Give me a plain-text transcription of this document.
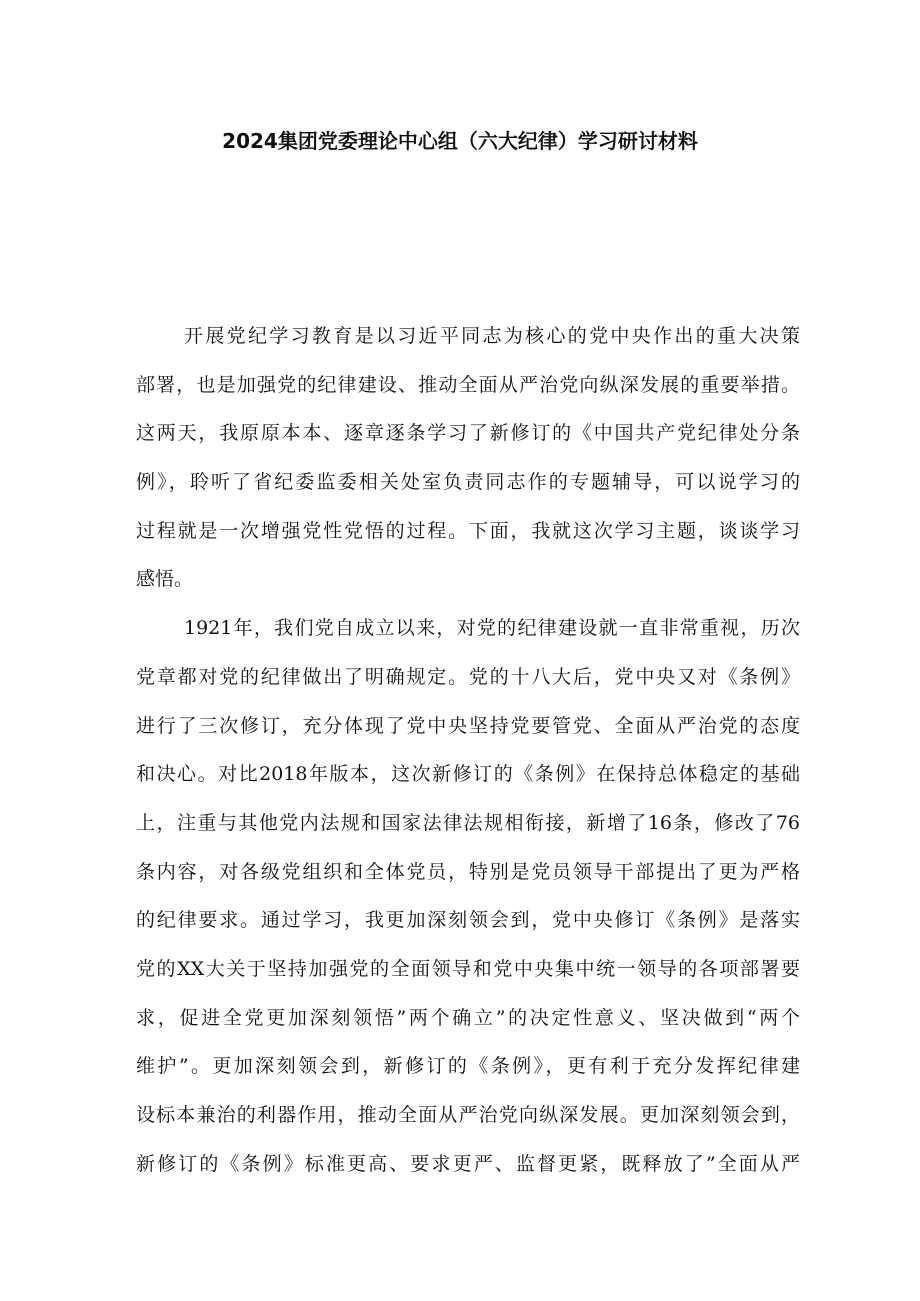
2024集团党委理论中心组（六大纪律）学习研讨材料
开展党纪学习教育是以习近平同志为核心的党中央作出的重大决策
部署，也是加强党的纪律建设、推动全面从严治党向纵深发展的重要举措。
这两天，我原原本本、逐章逐条学习了新修订的《中国共产党纪律处分条
例》，聆听了省纪委监委相关处室负责同志作的专题辅导，可以说学习的
过程就是一次增强党性党悟的过程。下面，我就这次学习主题，谈谈学习
感悟。
1921年，我们党自成立以来，对党的纪律建设就一直非常重视，历次
党章都对党的纪律做出了明确规定。党的十八大后，党中央又对《条例》
进行了三次修订，充分体现了党中央坚持党要管党、全面从严治党的态度
和决心。对比2018年版本，这次新修订的《条例》在保持总体稳定的基础
上，注重与其他党内法规和国家法律法规相衔接，新增了16条，修改了76
条内容，对各级党组织和全体党员，特别是党员领导干部提出了更为严格
的纪律要求。通过学习，我更加深刻领会到，党中央修订《条例》是落实
党的XX大关于坚持加强党的全面领导和党中央集中统一领导的各项部署要
求，促进全党更加深刻领悟”两个确立”的决定性意义、坚决做到“两个
维护”。更加深刻领会到，新修订的《条例》，更有利于充分发挥纪律建
设标本兼治的利器作用，推动全面从严治党向纵深发展。更加深刻领会到，
新修订的《条例》标准更高、要求更严、监督更紧，既释放了”全面从严
